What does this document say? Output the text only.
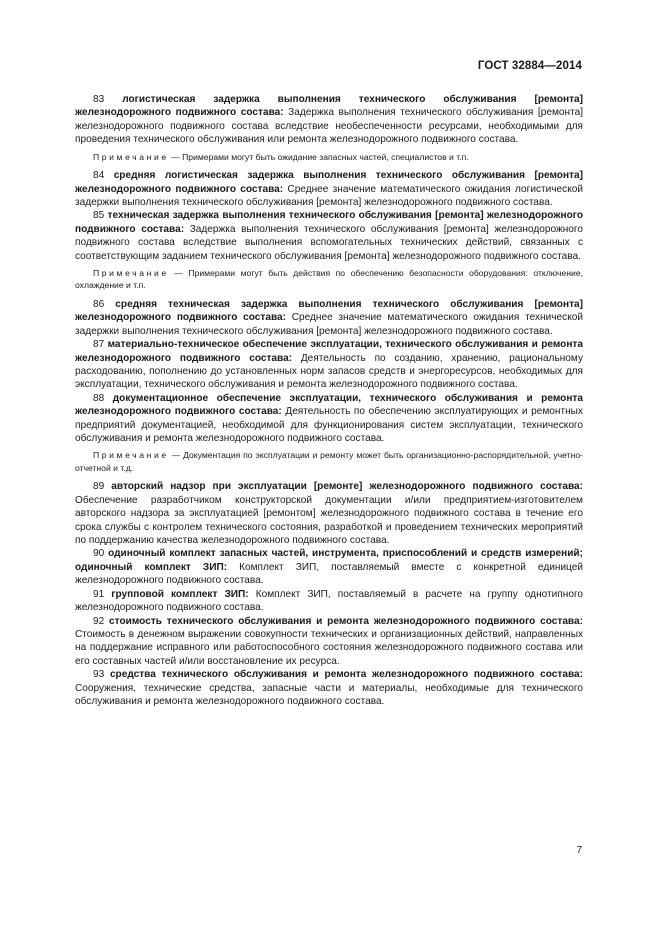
ГОСТ 32884—2014

83 логистическая задержка выполнения технического обслуживания [ремонта] железнодорожного подвижного состава: Задержка выполнения технического обслуживания [ремонта] железнодорожного подвижного состава вследствие необеспеченности ресурсами, необходимыми для проведения технического обслуживания или ремонта железнодорожного подвижного состава.

Примечание — Примерами могут быть ожидание запасных частей, специалистов и т.п.

84 средняя логистическая задержка выполнения технического обслуживания [ремонта] железнодорожного подвижного состава: Среднее значение математического ожидания логистической задержки выполнения технического обслуживания [ремонта] железнодорожного подвижного состава.

85 техническая задержка выполнения технического обслуживания [ремонта] железнодорожного подвижного состава: Задержка выполнения технического обслуживания [ремонта] железнодорожного подвижного состава вследствие выполнения вспомогательных технических действий, связанных с соответствующим заданием технического обслуживания [ремонта] железнодорожного подвижного состава.

Примечание — Примерами могут быть действия по обеспечению безопасности оборудования: отключение, охлаждение и т.п.

86 средняя техническая задержка выполнения технического обслуживания [ремонта] железнодорожного подвижного состава: Среднее значение математического ожидания технической задержки выполнения технического обслуживания [ремонта] железнодорожного подвижного состава.

87 материально-техническое обеспечение эксплуатации, технического обслуживания и ремонта железнодорожного подвижного состава: Деятельность по созданию, хранению, рациональному расходованию, пополнению до установленных норм запасов средств и энергоресурсов, необходимых для эксплуатации, технического обслуживания и ремонта железнодорожного подвижного состава.

88 документационное обеспечение эксплуатации, технического обслуживания и ремонта железнодорожного подвижного состава: Деятельность по обеспечению эксплуатирующих и ремонтных предприятий документацией, необходимой для функционирования систем эксплуатации, технического обслуживания и ремонта железнодорожного подвижного состава.

Примечание — Документация по эксплуатации и ремонту может быть организационно-распорядительной, учетно-отчетной и т.д.

89 авторский надзор при эксплуатации [ремонте] железнодорожного подвижного состава: Обеспечение разработчиком конструкторской документации и/или предприятием-изготовителем авторского надзора за эксплуатацией [ремонтом] железнодорожного подвижного состава в течение его срока службы с контролем технического состояния, разработкой и проведением технических мероприятий по поддержанию качества железнодорожного подвижного состава.

90 одиночный комплект запасных частей, инструмента, приспособлений и средств измерений; одиночный комплект ЗИП: Комплект ЗИП, поставляемый вместе с конкретной единицей железнодорожного подвижного состава.

91 групповой комплект ЗИП: Комплект ЗИП, поставляемый в расчете на группу однотипного железнодорожного подвижного состава.

92 стоимость технического обслуживания и ремонта железнодорожного подвижного состава: Стоимость в денежном выражении совокупности технических и организационных действий, направленных на поддержание исправного или работоспособного состояния железнодорожного подвижного состава или его составных частей и/или восстановление их ресурса.

93 средства технического обслуживания и ремонта железнодорожного подвижного состава: Сооружения, технические средства, запасные части и материалы, необходимые для технического обслуживания и ремонта железнодорожного подвижного состава.

7
